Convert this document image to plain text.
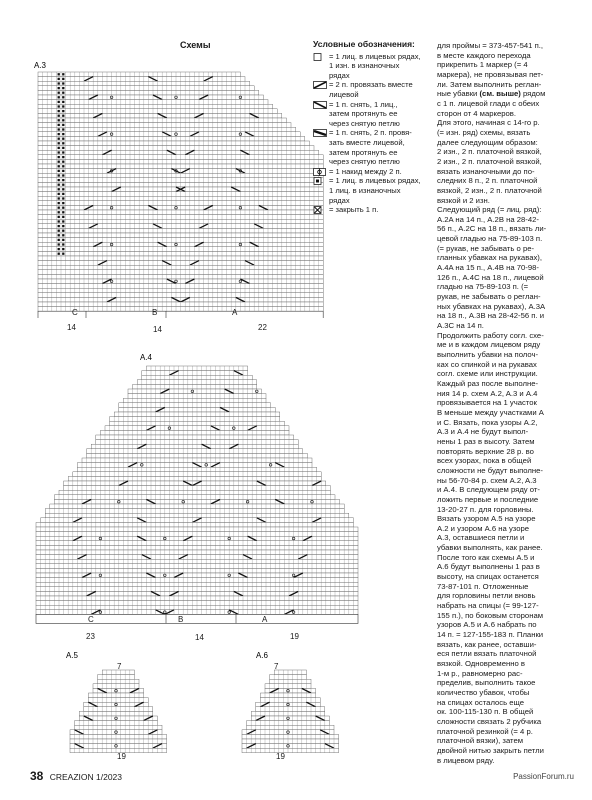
Схемы
A.3
C	B	A
14	14	22
A.4
C	B	A
23	14	19
A.5
7
19
A.6
7
19
Условные обозначения:
= 1 лиц. в лицевых рядах,
1 изн. в изнаночных
рядах
= 2 п. провязать вместе
лицевой
= 1 п. снять, 1 лиц.,
затем протянуть ее
через снятую петлю
= 1 п. снять, 2 п. провя-
зать вместе лицевой,
затем протянуть ее
через снятую петлю
= 1 накид между 2 п.
= 1 лиц. в лицевых рядах,
1 лиц. в изнаночных
рядах
= закрыть 1 п.
для проймы = 373-457-541 п.,
в месте каждого перехода
прикрепить 1 маркер (= 4
маркера), не провязывая пет-
ли. Затем выполнить реглан-
ные убавки (см. выше) рядом
с 1 п. лицевой глади с обеих
сторон от 4 маркеров.
Для этого, начиная с 14-го р.
(= изн. ряд) схемы, вязать
далее следующим образом:
2 изн., 2 п. платочной вязкой,
2 изн., 2 п. платочной вязкой,
вязать изнаночными до по-
следних 8 п., 2 п. платочной
вязкой, 2 изн., 2 п. платочной
вязкой и 2 изн.
Следующий ряд (= лиц. ряд):
A.2A на 14 п., A.2B на 28-42-
56 п., A.2C на 18 п., вязать ли-
цевой гладью на 75-89-103 п.
(= рукав, не забывать о ре-
гланных убавках на рукавах),
A.4A на 15 п., A.4B на 70-98-
126 п., A.4C на 18 п., лицевой
гладью на 75-89-103 п. (=
рукав, не забывать о реглан-
ных убавках на рукавах), A.3A
на 18 п., A.3B на 28-42-56 п. и
A.3C на 14 п.
Продолжить работу согл. схе-
ме и в каждом лицевом ряду
выполнить убавки на полоч-
ках со спинкой и на рукавах
согл. схеме или инструкции.
Каждый раз после выполне-
ния 14 р. схем A.2, A.3 и A.4
провязывается на 1 участок
В меньше между участками A
и C. Вязать, пока узоры A.2,
A.3 и A.4 не будут выпол-
нены 1 раз в высоту. Затем
повторять верхние 28 р. во
всех узорах, пока в общей
сложности не будут выполне-
ны 56-70-84 р. схем A.2, A.3
и A.4. В следующем ряду от-
ложить первые и последние
13-20-27 п. для горловины.
Вязать узором A.5 на узоре
A.2 и узором A.6 на узоре
A.3, оставшиеся петли и
убавки выполнять, как ранее.
После того как схемы A.5 и
A.6 будут выполнены 1 раз в
высоту, на спицах останется
73-87-101 п. Отложенные
для горловины петли вновь
набрать на спицы (= 99-127-
155 п.), по боковым сторонам
узоров A.5 и A.6 набрать по
14 п. = 127-155-183 п. Планки
вязать, как ранее, оставши-
еся петли вязать платочной
вязкой. Одновременно в
1-м р., равномерно рас-
пределив, выполнить такое
количество убавок, чтобы
на спицах осталось еще
ок. 100-115-130 п. В общей
сложности связать 2 рубчика
платочной резинкой (= 4 р.
платочной вязки), затем
двойной нитью закрыть петли
в лицевом ряду.
38 CREAZION 1/2023	PassionForum.ru
